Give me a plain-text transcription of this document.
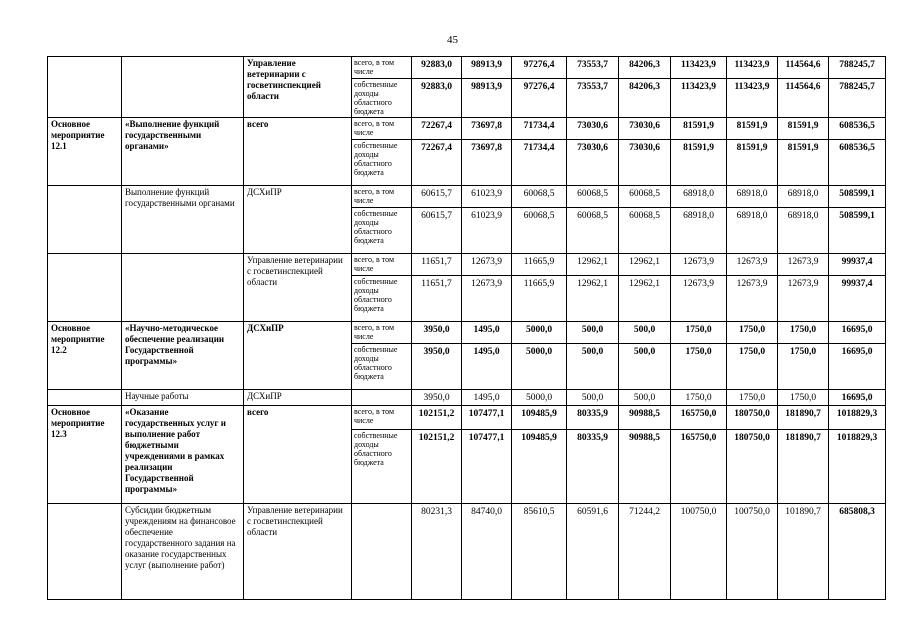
45
		Управление ветеринарии с госветинспекцией области	всего, в том числе	92883,0	98913,9	97276,4	73553,7	84206,3	113423,9	113423,9	114564,6	788245,7
			собственные доходы областного бюджета	92883,0	98913,9	97276,4	73553,7	84206,3	113423,9	113423,9	114564,6	788245,7
Основное мероприятие 12.1	«Выполнение функций государственными органами»	всего	всего, в том числе	72267,4	73697,8	71734,4	73030,6	73030,6	81591,9	81591,9	81591,9	608536,5
			собственные доходы областного бюджета	72267,4	73697,8	71734,4	73030,6	73030,6	81591,9	81591,9	81591,9	608536,5
	Выполнение функций государственными органами	ДСХиПР	всего, в том числе	60615,7	61023,9	60068,5	60068,5	60068,5	68918,0	68918,0	68918,0	508599,1
			собственные доходы областного бюджета	60615,7	61023,9	60068,5	60068,5	60068,5	68918,0	68918,0	68918,0	508599,1
		Управление ветеринарии с госветинспекцией области	всего, в том числе	11651,7	12673,9	11665,9	12962,1	12962,1	12673,9	12673,9	12673,9	99937,4
			собственные доходы областного бюджета	11651,7	12673,9	11665,9	12962,1	12962,1	12673,9	12673,9	12673,9	99937,4
Основное мероприятие 12.2	«Научно-методическое обеспечение реализации Государственной программы»	ДСХиПР	всего, в том числе	3950,0	1495,0	5000,0	500,0	500,0	1750,0	1750,0	1750,0	16695,0
			собственные доходы областного бюджета	3950,0	1495,0	5000,0	500,0	500,0	1750,0	1750,0	1750,0	16695,0
	Научные работы	ДСХиПР		3950,0	1495,0	5000,0	500,0	500,0	1750,0	1750,0	1750,0	16695,0
Основное мероприятие 12.3	«Оказание государственных услуг и выполнение работ бюджетными учреждениями в рамках реализации Государственной программы»	всего	всего, в том числе	102151,2	107477,1	109485,9	80335,9	90988,5	165750,0	180750,0	181890,7	1018829,3
			собственные доходы областного бюджета	102151,2	107477,1	109485,9	80335,9	90988,5	165750,0	180750,0	181890,7	1018829,3
	Субсидии бюджетным учреждениям на финансовое обеспечение государственного задания на оказание государственных услуг (выполнение работ)	Управление ветеринарии с госветинспекцией области		80231,3	84740,0	85610,5	60591,6	71244,2	100750,0	100750,0	101890,7	685808,3
